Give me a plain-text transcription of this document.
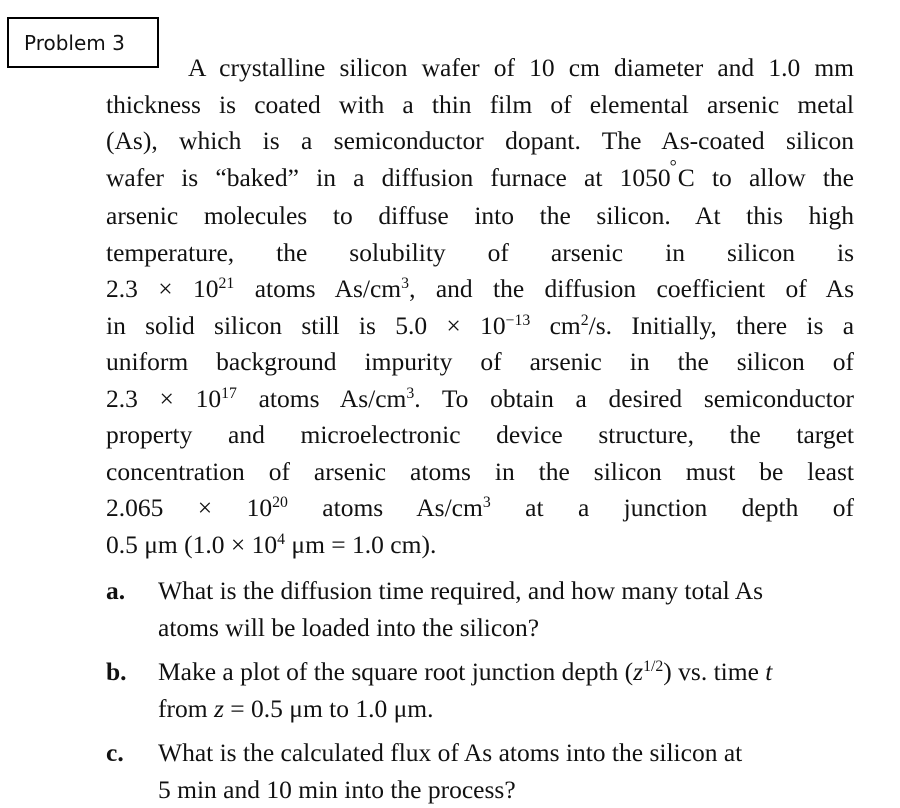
Problem 3
A crystalline silicon wafer of 10 cm diameter and 1.0 mm
thickness is coated with a thin film of elemental arsenic metal
(As), which is a semiconductor dopant. The As-coated silicon
wafer is “baked” in a diffusion furnace at 1050°C to allow the
arsenic molecules to diffuse into the silicon. At this high
temperature, the solubility of arsenic in silicon is
$2.3 \times 10^{21}$ atoms $As/cm^3$, and the diffusion coefficient of As
in solid silicon still is $5.0 \times 10^{-13}$ $cm^2/s$. Initially, there is a
uniform background impurity of arsenic in the silicon of
$2.3 \times 10^{17}$ atoms $As/cm^3$. To obtain a desired semiconductor
property and microelectronic device structure, the target
concentration of arsenic atoms in the silicon must be least
$2.065 \times 10^{20}$ atoms $As/cm^3$ at a junction depth of
0.5 μm ($1.0 \times 10^4$ μm = 1.0 cm).
a.	What is the diffusion time required, and how many total As
atoms will be loaded into the silicon?
b.	Make a plot of the square root junction depth $(z^{1/2})$ vs. time t
from z = 0.5 μm to 1.0 μm.
c.	What is the calculated flux of As atoms into the silicon at
5 min and 10 min into the process?
